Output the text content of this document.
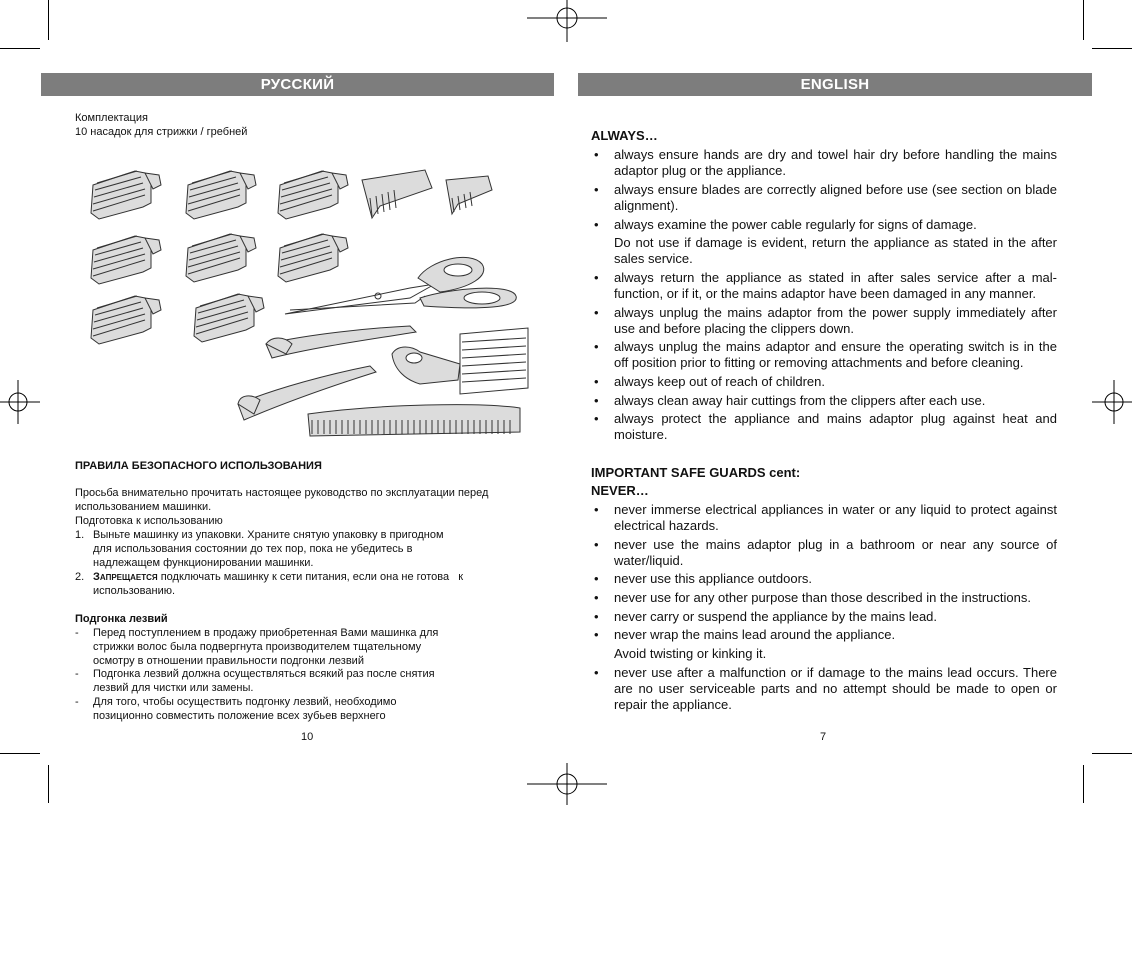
РУССКИЙ	ENGLISH
Комплектация
10 насадок для стрижки / гребней
ПРАВИЛА БЕЗОПАСНОГО ИСПОЛЬЗОВАНИЯ
Просьба внимательно прочитать настоящее руководство по эксплуатации перед
использованием машинки.
Подготовка к использованию
1. Выньте машинку из упаковки. Храните снятую упаковку в пригодном
для использования состоянии до тех пор, пока не убедитесь в
надлежащем функционировании машинки.
2. Запрещается подключать машинку к сети питания, если она не готова   к
использованию.
Подгонка лезвий
- Перед поступлением в продажу приобретенная Вами машинка для
стрижки волос была подвергнута производителем тщательному
осмотру в отношении правильности подгонки лезвий
- Подгонка лезвий должна осуществляться всякий раз после снятия
лезвий для чистки или замены.
- Для того, чтобы осуществить подгонку лезвий, необходимо
позиционно совместить положение всех зубьев верхнего
10
ALWAYS…
• always ensure hands are dry and towel hair dry before handling the mains adaptor plug or the appliance.
• always ensure blades are correctly aligned before use (see section on blade alignment).
• always examine the power cable regularly for signs of damage.
Do not use if damage is evident, return the appliance as stated in the after sales service.
• always return the appliance as stated in after sales service after a mal-function, or if it, or the mains adaptor have been damaged in any manner.
• always unplug the mains adaptor from the power supply immediately after use and before placing the clippers down.
• always unplug the mains adaptor and ensure the operating switch is in the off position prior to fitting or removing attachments and before cleaning.
• always keep out of reach of children.
• always clean away hair cuttings from the clippers after each use.
• always protect the appliance and mains adaptor plug against heat and moisture.
IMPORTANT SAFE GUARDS cent:
NEVER…
• never immerse electrical appliances in water or any liquid to protect against electrical hazards.
• never use the mains adaptor plug in a bathroom or near any source of water/liquid.
• never use this appliance outdoors.
• never use for any other purpose than those described in the instructions.
• never carry or suspend the appliance by the mains lead.
• never wrap the mains lead around the appliance.
Avoid twisting or kinking it.
• never use after a malfunction or if damage to the mains lead occurs. There are no user serviceable parts and no attempt should be made to open or repair the appliance.
7
